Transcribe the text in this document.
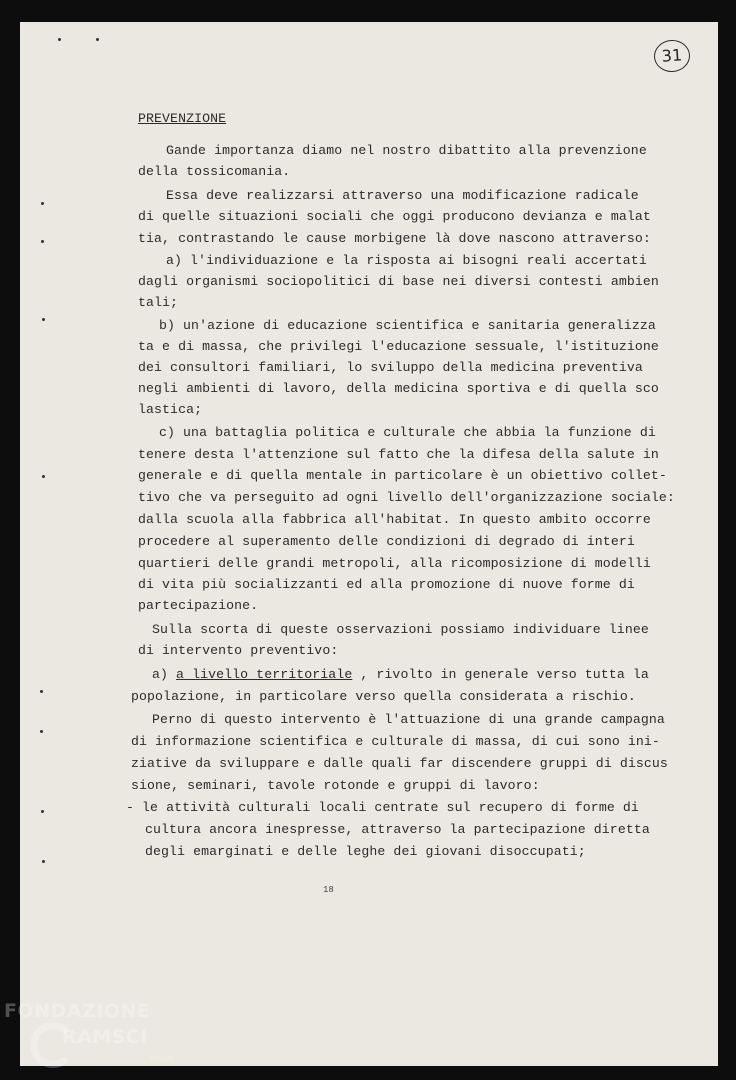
31
PREVENZIONE
Gande importanza diamo nel nostro dibattito alla prevenzione
della tossicomania.
Essa deve realizzarsi attraverso una modificazione radicale
di quelle situazioni sociali che oggi producono devianza e malat
tia, contrastando le cause morbigene là dove nascono attraverso:
a) l'individuazione e la risposta ai bisogni reali accertati
dagli organismi sociopolitici di base nei diversi contesti ambien
tali;
b) un'azione di educazione scientifica e sanitaria generalizza
ta e di massa, che privilegi l'educazione sessuale, l'istituzione
dei consultori familiari, lo sviluppo della medicina preventiva
negli ambienti di lavoro, della medicina sportiva e di quella sco
lastica;
c) una battaglia politica e culturale che abbia la funzione di
tenere desta l'attenzione sul fatto che la difesa della salute in
generale e di quella mentale in particolare è un obiettivo collet-
tivo che va perseguito ad ogni livello dell'organizzazione sociale:
dalla scuola alla fabbrica all'habitat. In questo ambito occorre
procedere al superamento delle condizioni di degrado di interi
quartieri delle grandi metropoli, alla ricomposizione di modelli
di vita più socializzanti ed alla promozione di nuove forme di
partecipazione.
Sulla scorta di queste osservazioni possiamo individuare linee
di intervento preventivo:
a) a livello territoriale , rivolto in generale verso tutta la
popolazione, in particolare verso quella considerata a rischio.
Perno di questo intervento è l'attuazione di una grande campagna
di informazione scientifica e culturale di massa, di cui sono ini-
ziative da sviluppare e dalle quali far discendere gruppi di discus
sione, seminari, tavole rotonde e gruppi di lavoro:
- le attività culturali locali centrate sul recupero di forme di
cultura ancora inespresse, attraverso la partecipazione diretta
degli emarginati e delle leghe dei giovani disoccupati;
18
FONDAZIONE
RAMSCI
onlus
